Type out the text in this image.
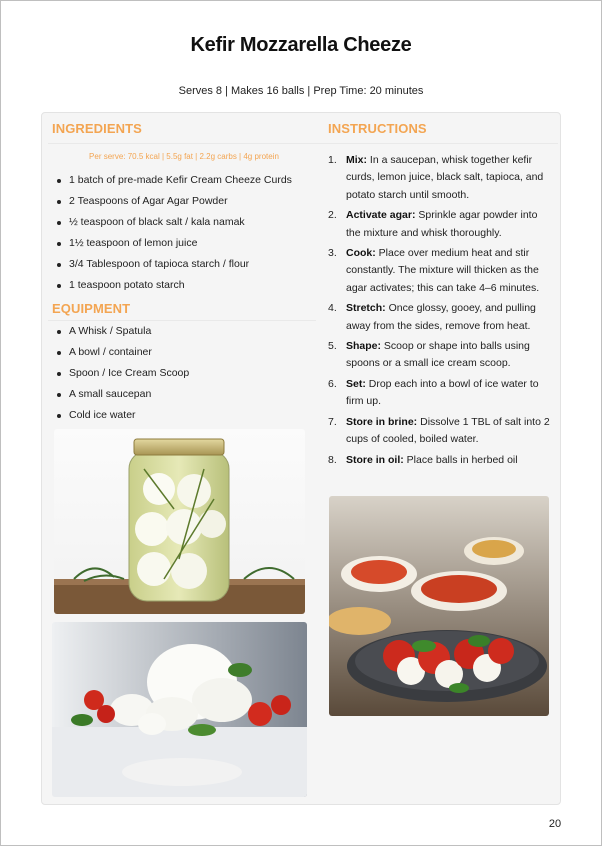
Kefir Mozzarella Cheeze
Serves 8 | Makes 16 balls | Prep Time: 20 minutes
INGREDIENTS
Per serve: 70.5 kcal | 5.5g fat | 2.2g carbs | 4g protein
1 batch of pre-made Kefir Cream Cheeze Curds
2 Teaspoons of Agar Agar Powder
½ teaspoon of black salt / kala namak
1½ teaspoon of lemon juice
3/4 Tablespoon of tapioca starch / flour
1 teaspoon potato starch
EQUIPMENT
A Whisk / Spatula
A bowl / container
Spoon / Ice Cream Scoop
A small saucepan
Cold ice water
INSTRUCTIONS
1. Mix: In a saucepan, whisk together kefir curds, lemon juice, black salt, tapioca, and potato starch until smooth.
2. Activate agar: Sprinkle agar powder into the mixture and whisk thoroughly.
3. Cook: Place over medium heat and stir constantly. The mixture will thicken as the agar activates; this can take 4–6 minutes.
4. Stretch: Once glossy, gooey, and pulling away from the sides, remove from heat.
5. Shape: Scoop or shape into balls using spoons or a small ice cream scoop.
6. Set: Drop each into a bowl of ice water to firm up.
7. Store in brine: Dissolve 1 TBL of salt into 2 cups of cooled, boiled water.
8. Store in oil: Place balls in herbed oil
20
